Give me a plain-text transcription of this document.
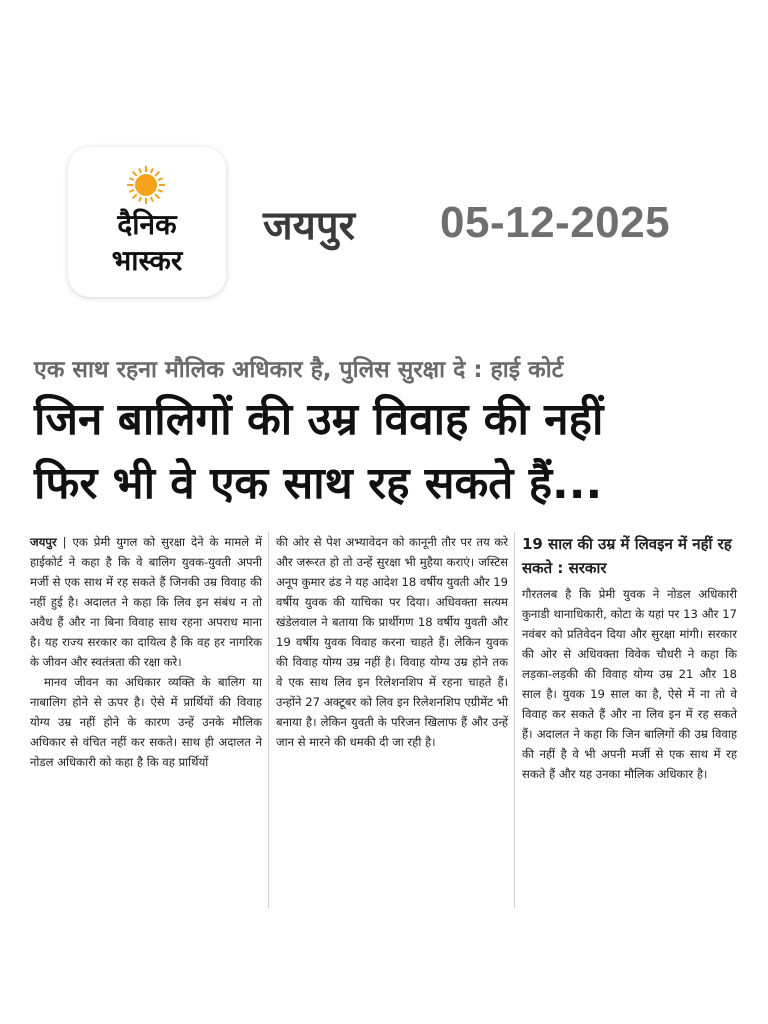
दैनिक
भास्कर
जयपुर 05-12-2025
एक साथ रहना मौलिक अधिकार है, पुलिस सुरक्षा दे : हाई कोर्ट
जिन बालिगों की उम्र विवाह की नहीं
फिर भी वे एक साथ रह सकते हैं...

जयपुर | एक प्रेमी युगल को सुरक्षा देने के मामले में हाईकोर्ट ने कहा है कि वे बालिग युवक-युवती अपनी मर्जी से एक साथ में रह सकते हैं जिनकी उम्र विवाह की नहीं हुई है। अदालत ने कहा कि लिव इन संबंध न तो अवैध हैं और ना बिना विवाह साथ रहना अपराध माना है। यह राज्य सरकार का दायित्व है कि वह हर नागरिक के जीवन और स्वतंत्रता की रक्षा करे।

मानव जीवन का अधिकार व्यक्ति के बालिग या नाबालिग होने से ऊपर है। ऐसे में प्रार्थियों की विवाह योग्य उम्र नहीं होने के कारण उन्हें उनके मौलिक अधिकार से वंचित नहीं कर सकते। साथ ही अदालत ने नोडल अधिकारी को कहा है कि वह प्रार्थियों

की ओर से पेश अभ्यावेदन को कानूनी तौर पर तय करे और जरूरत हो तो उन्हें सुरक्षा भी मुहैया कराएं। जस्टिस अनूप कुमार ढंड ने यह आदेश 18 वर्षीय युवती और 19 वर्षीय युवक की याचिका पर दिया। अधिवक्ता सत्यम खंडेलवाल ने बताया कि प्रार्थीगण 18 वर्षीय युवती और 19 वर्षीय युवक विवाह करना चाहते हैं। लेकिन युवक की विवाह योग्य उम्र नहीं है। विवाह योग्य उम्र होने तक वे एक साथ लिव इन रिलेशनशिप में रहना चाहते हैं। उन्होंने 27 अक्टूबर को लिव इन रिलेशनशिप एग्रीमेंट भी बनाया है। लेकिन युवती के परिजन खिलाफ हैं और उन्हें जान से मारने की धमकी दी जा रही है।

19 साल की उम्र में लिवइन में नहीं रह सकते : सरकार

गौरतलब है कि प्रेमी युवक ने नोडल अधिकारी कुनाडी थानाधिकारी, कोटा के यहां पर 13 और 17 नवंबर को प्रतिवेदन दिया और सुरक्षा मांगी। सरकार की ओर से अधिवक्ता विवेक चौधरी ने कहा कि लड़का-लड़की की विवाह योग्य उम्र 21 और 18 साल है। युवक 19 साल का है, ऐसे में ना तो वे विवाह कर सकते हैं और ना लिव इन में रह सकते हैं। अदालत ने कहा कि जिन बालिगों की उम्र विवाह की नहीं है वे भी अपनी मर्जी से एक साथ में रह सकते हैं और यह उनका मौलिक अधिकार है।
